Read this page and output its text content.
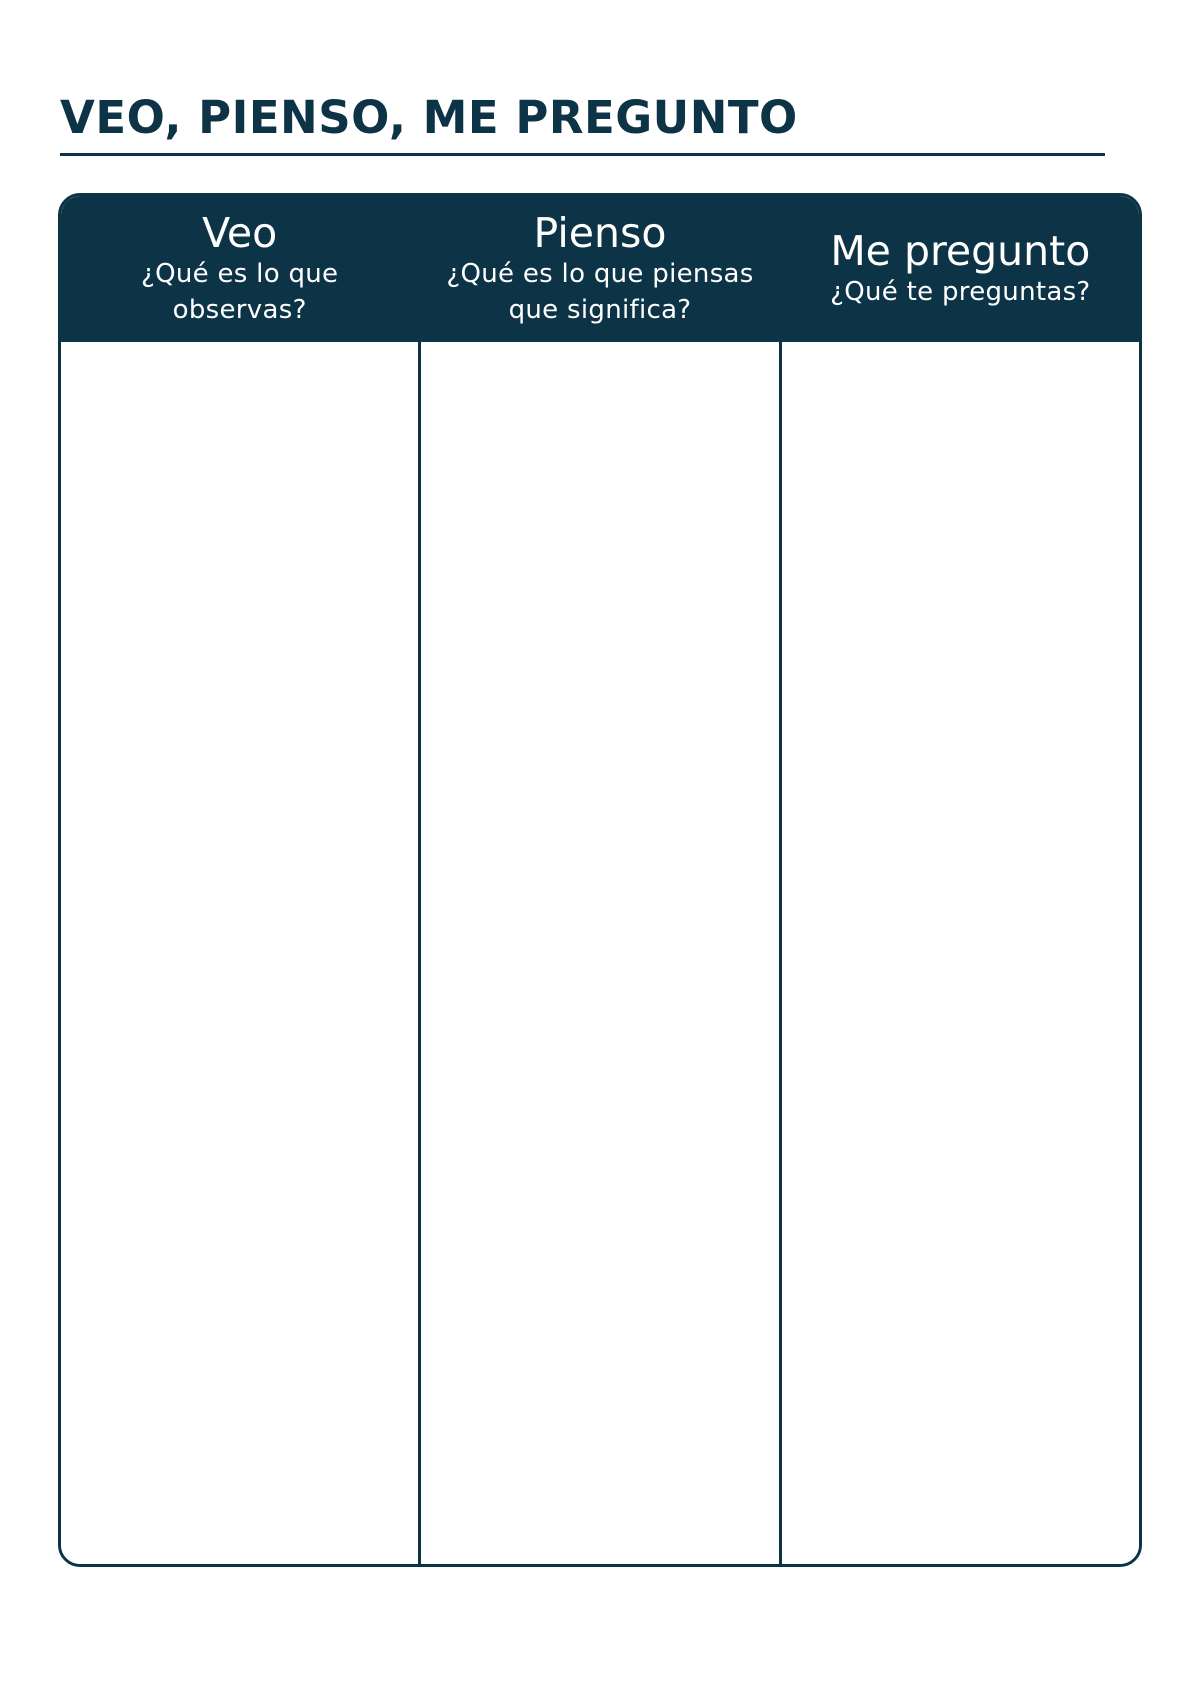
VEO, PIENSO, ME PREGUNTO
Veo
¿Qué es lo que
observas?
Pienso
¿Qué es lo que piensas
que significa?
Me pregunto
¿Qué te preguntas?
